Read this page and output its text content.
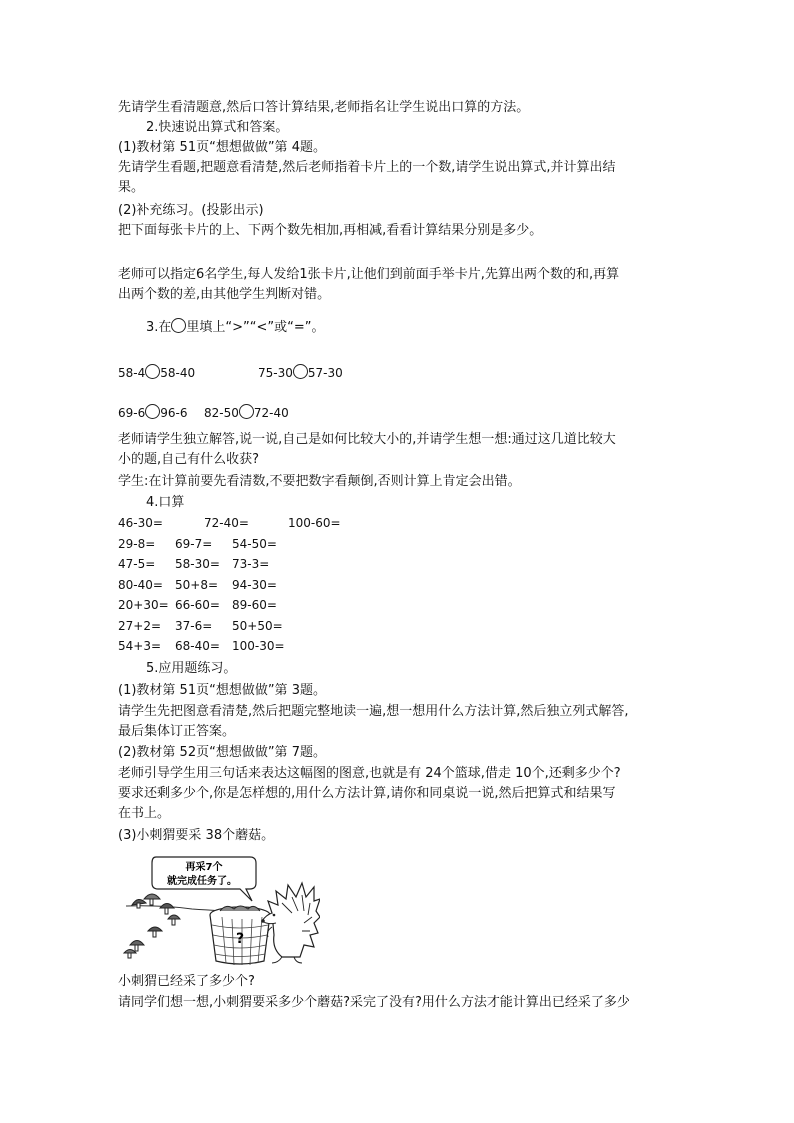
先请学生看清题意,然后口答计算结果,老师指名让学生说出口算的方法。
2.快速说出算式和答案。
(1)教材第 51页“想想做做”第 4题。
先请学生看题,把题意看清楚,然后老师指着卡片上的一个数,请学生说出算式,并计算出结
果。
(2)补充练习。(投影出示)
把下面每张卡片的上、下两个数先相加,再相减,看看计算结果分别是多少。
老师可以指定6名学生,每人发给1张卡片,让他们到前面手举卡片,先算出两个数的和,再算
出两个数的差,由其他学生判断对错。
3.在 里填上“>”“<”或“=”。
58-4 58-40	75-30 57-30
69-6 96-6 82-50 72-40
老师请学生独立解答,说一说,自己是如何比较大小的,并请学生想一想:通过这几道比较大
小的题,自己有什么收获?
学生:在计算前要先看清数,不要把数字看颠倒,否则计算上肯定会出错。
4.口算
46-30=	72-40=	100-60=
29-8= 69-7= 54-50=
47-5= 58-30= 73-3=
80-40= 50+8= 94-30=
20+30= 66-60= 89-60=
27+2= 37-6= 50+50=
54+3= 68-40= 100-30=
5.应用题练习。
(1)教材第 51页“想想做做”第 3题。
请学生先把图意看清楚,然后把题完整地读一遍,想一想用什么方法计算,然后独立列式解答,
最后集体订正答案。
(2)教材第 52页“想想做做”第 7题。
老师引导学生用三句话来表达这幅图的图意,也就是有 24个篮球,借走 10个,还剩多少个?
要求还剩多少个,你是怎样想的,用什么方法计算,请你和同桌说一说,然后把算式和结果写
在书上。
(3)小刺猬要采 38个蘑菇。
再采7个
就完成任务了。
?
小刺猬已经采了多少个?
请同学们想一想,小刺猬要采多少个蘑菇?采完了没有?用什么方法才能计算出已经采了多少
